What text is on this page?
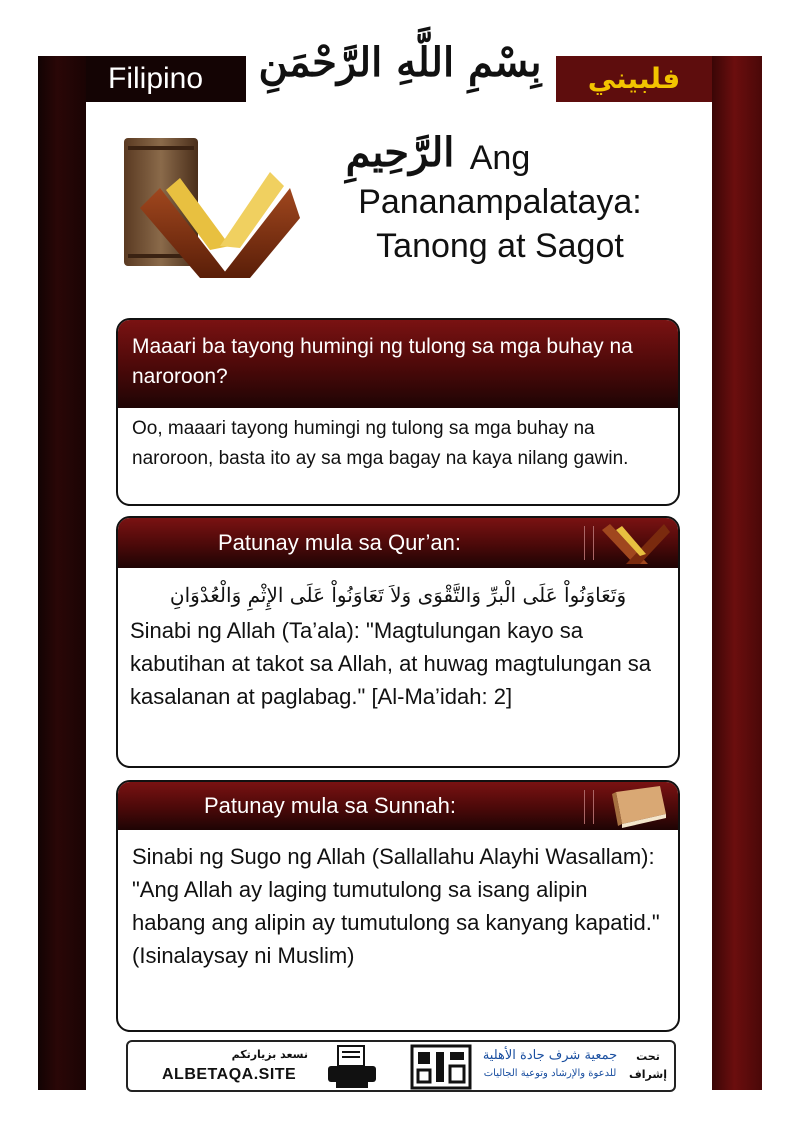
Filipino	فلبيني
بِسْمِ اللَّهِ الرَّحْمَنِ الرَّحِيمِ Ang
Pananampalataya:
Tanong at Sagot
Maaari ba tayong humingi ng tulong sa mga buhay na naroroon?
Oo, maaari tayong humingi ng tulong sa mga buhay na naroroon, basta ito ay sa mga bagay na kaya nilang gawin.
Patunay mula sa Qur’an:
وَتَعَاوَنُواْ عَلَى الْبرِّ وَالتَّقْوَى وَلاَ تَعَاوَنُواْ عَلَى الإِثْمِ وَالْعُدْوَانِ
Sinabi ng Allah (Ta’ala): "Magtulungan kayo sa kabutihan at takot sa Allah, at huwag magtulungan sa kasalanan at paglabag." [Al-Ma’idah: 2]
Patunay mula sa Sunnah:
Sinabi ng Sugo ng Allah (Sallallahu Alayhi Wasallam): "Ang Allah ay laging tumutulong sa isang alipin habang ang alipin ay tumutulong sa kanyang kapatid." (Isinalaysay ni Muslim)
نسعد بزيارتكم
ALBETAQA.SITE
جمعية شرف جادة الأهلية
للدعوة والإرشاد وتوعية الجاليات
تحت إشراف
